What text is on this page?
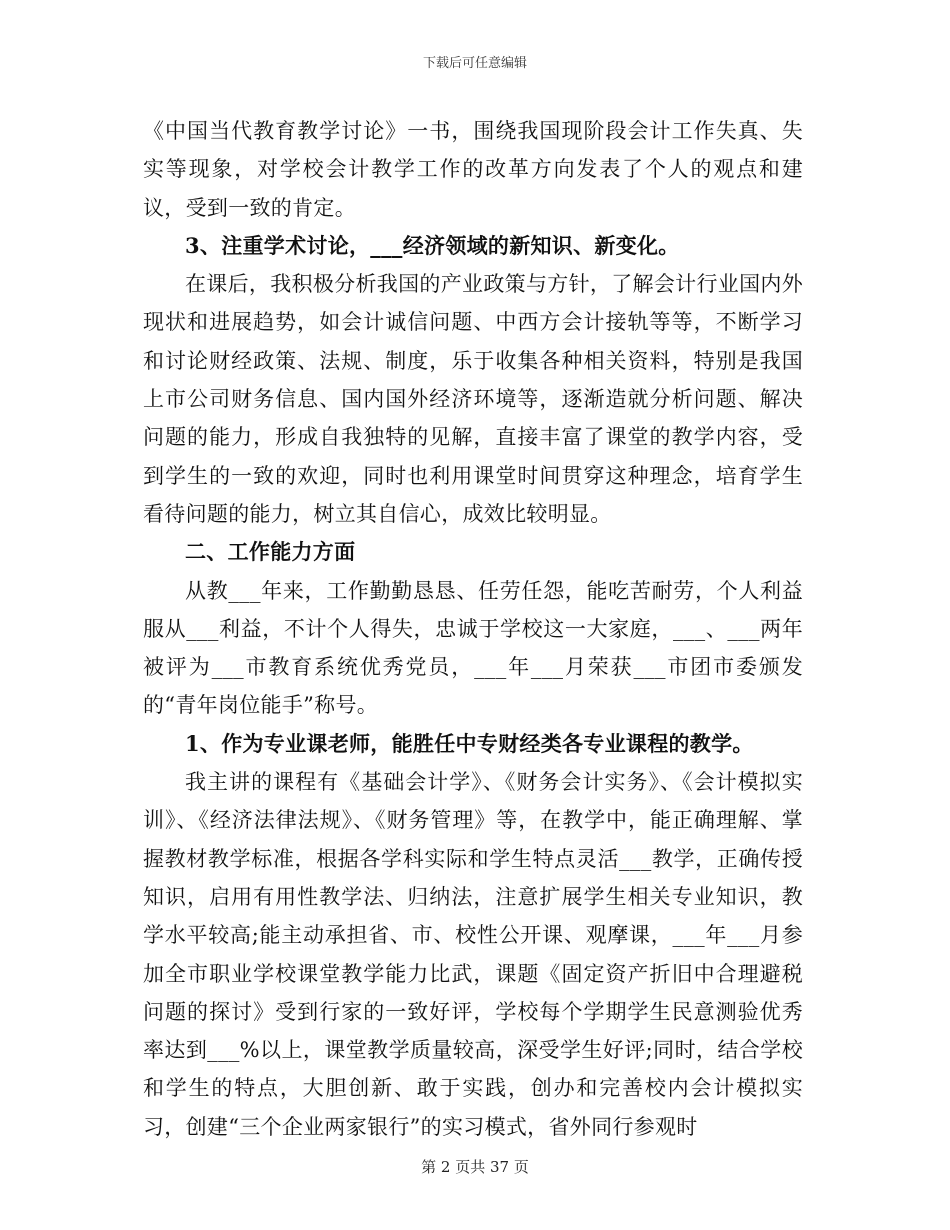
下载后可任意编辑

《中国当代教育教学讨论》一书，围绕我国现阶段会计工作失真、失实等现象，对学校会计教学工作的改革方向发表了个人的观点和建议，受到一致的肯定。

3、注重学术讨论，___经济领域的新知识、新变化。

在课后，我积极分析我国的产业政策与方针，了解会计行业国内外现状和进展趋势，如会计诚信问题、中西方会计接轨等等，不断学习和讨论财经政策、法规、制度，乐于收集各种相关资料，特别是我国上市公司财务信息、国内国外经济环境等，逐渐造就分析问题、解决问题的能力，形成自我独特的见解，直接丰富了课堂的教学内容，受到学生的一致的欢迎，同时也利用课堂时间贯穿这种理念，培育学生看待问题的能力，树立其自信心，成效比较明显。

二、工作能力方面

从教___年来，工作勤勤恳恳、任劳任怨，能吃苦耐劳，个人利益服从___利益，不计个人得失，忠诚于学校这一大家庭，___、___两年被评为___市教育系统优秀党员，___年___月荣获___市团市委颁发的“青年岗位能手”称号。

1、作为专业课老师，能胜任中专财经类各专业课程的教学。

我主讲的课程有《基础会计学》、《财务会计实务》、《会计模拟实训》、《经济法律法规》、《财务管理》等，在教学中，能正确理解、掌握教材教学标准，根据各学科实际和学生特点灵活___教学，正确传授知识，启用有用性教学法、归纳法，注意扩展学生相关专业知识，教学水平较高;能主动承担省、市、校性公开课、观摩课，___年___月参加全市职业学校课堂教学能力比武，课题《固定资产折旧中合理避税问题的探讨》受到行家的一致好评，学校每个学期学生民意测验优秀率达到___%以上，课堂教学质量较高，深受学生好评;同时，结合学校和学生的特点，大胆创新、敢于实践，创办和完善校内会计模拟实习，创建“三个企业两家银行”的实习模式，省外同行参观时

第 2 页共 37 页
